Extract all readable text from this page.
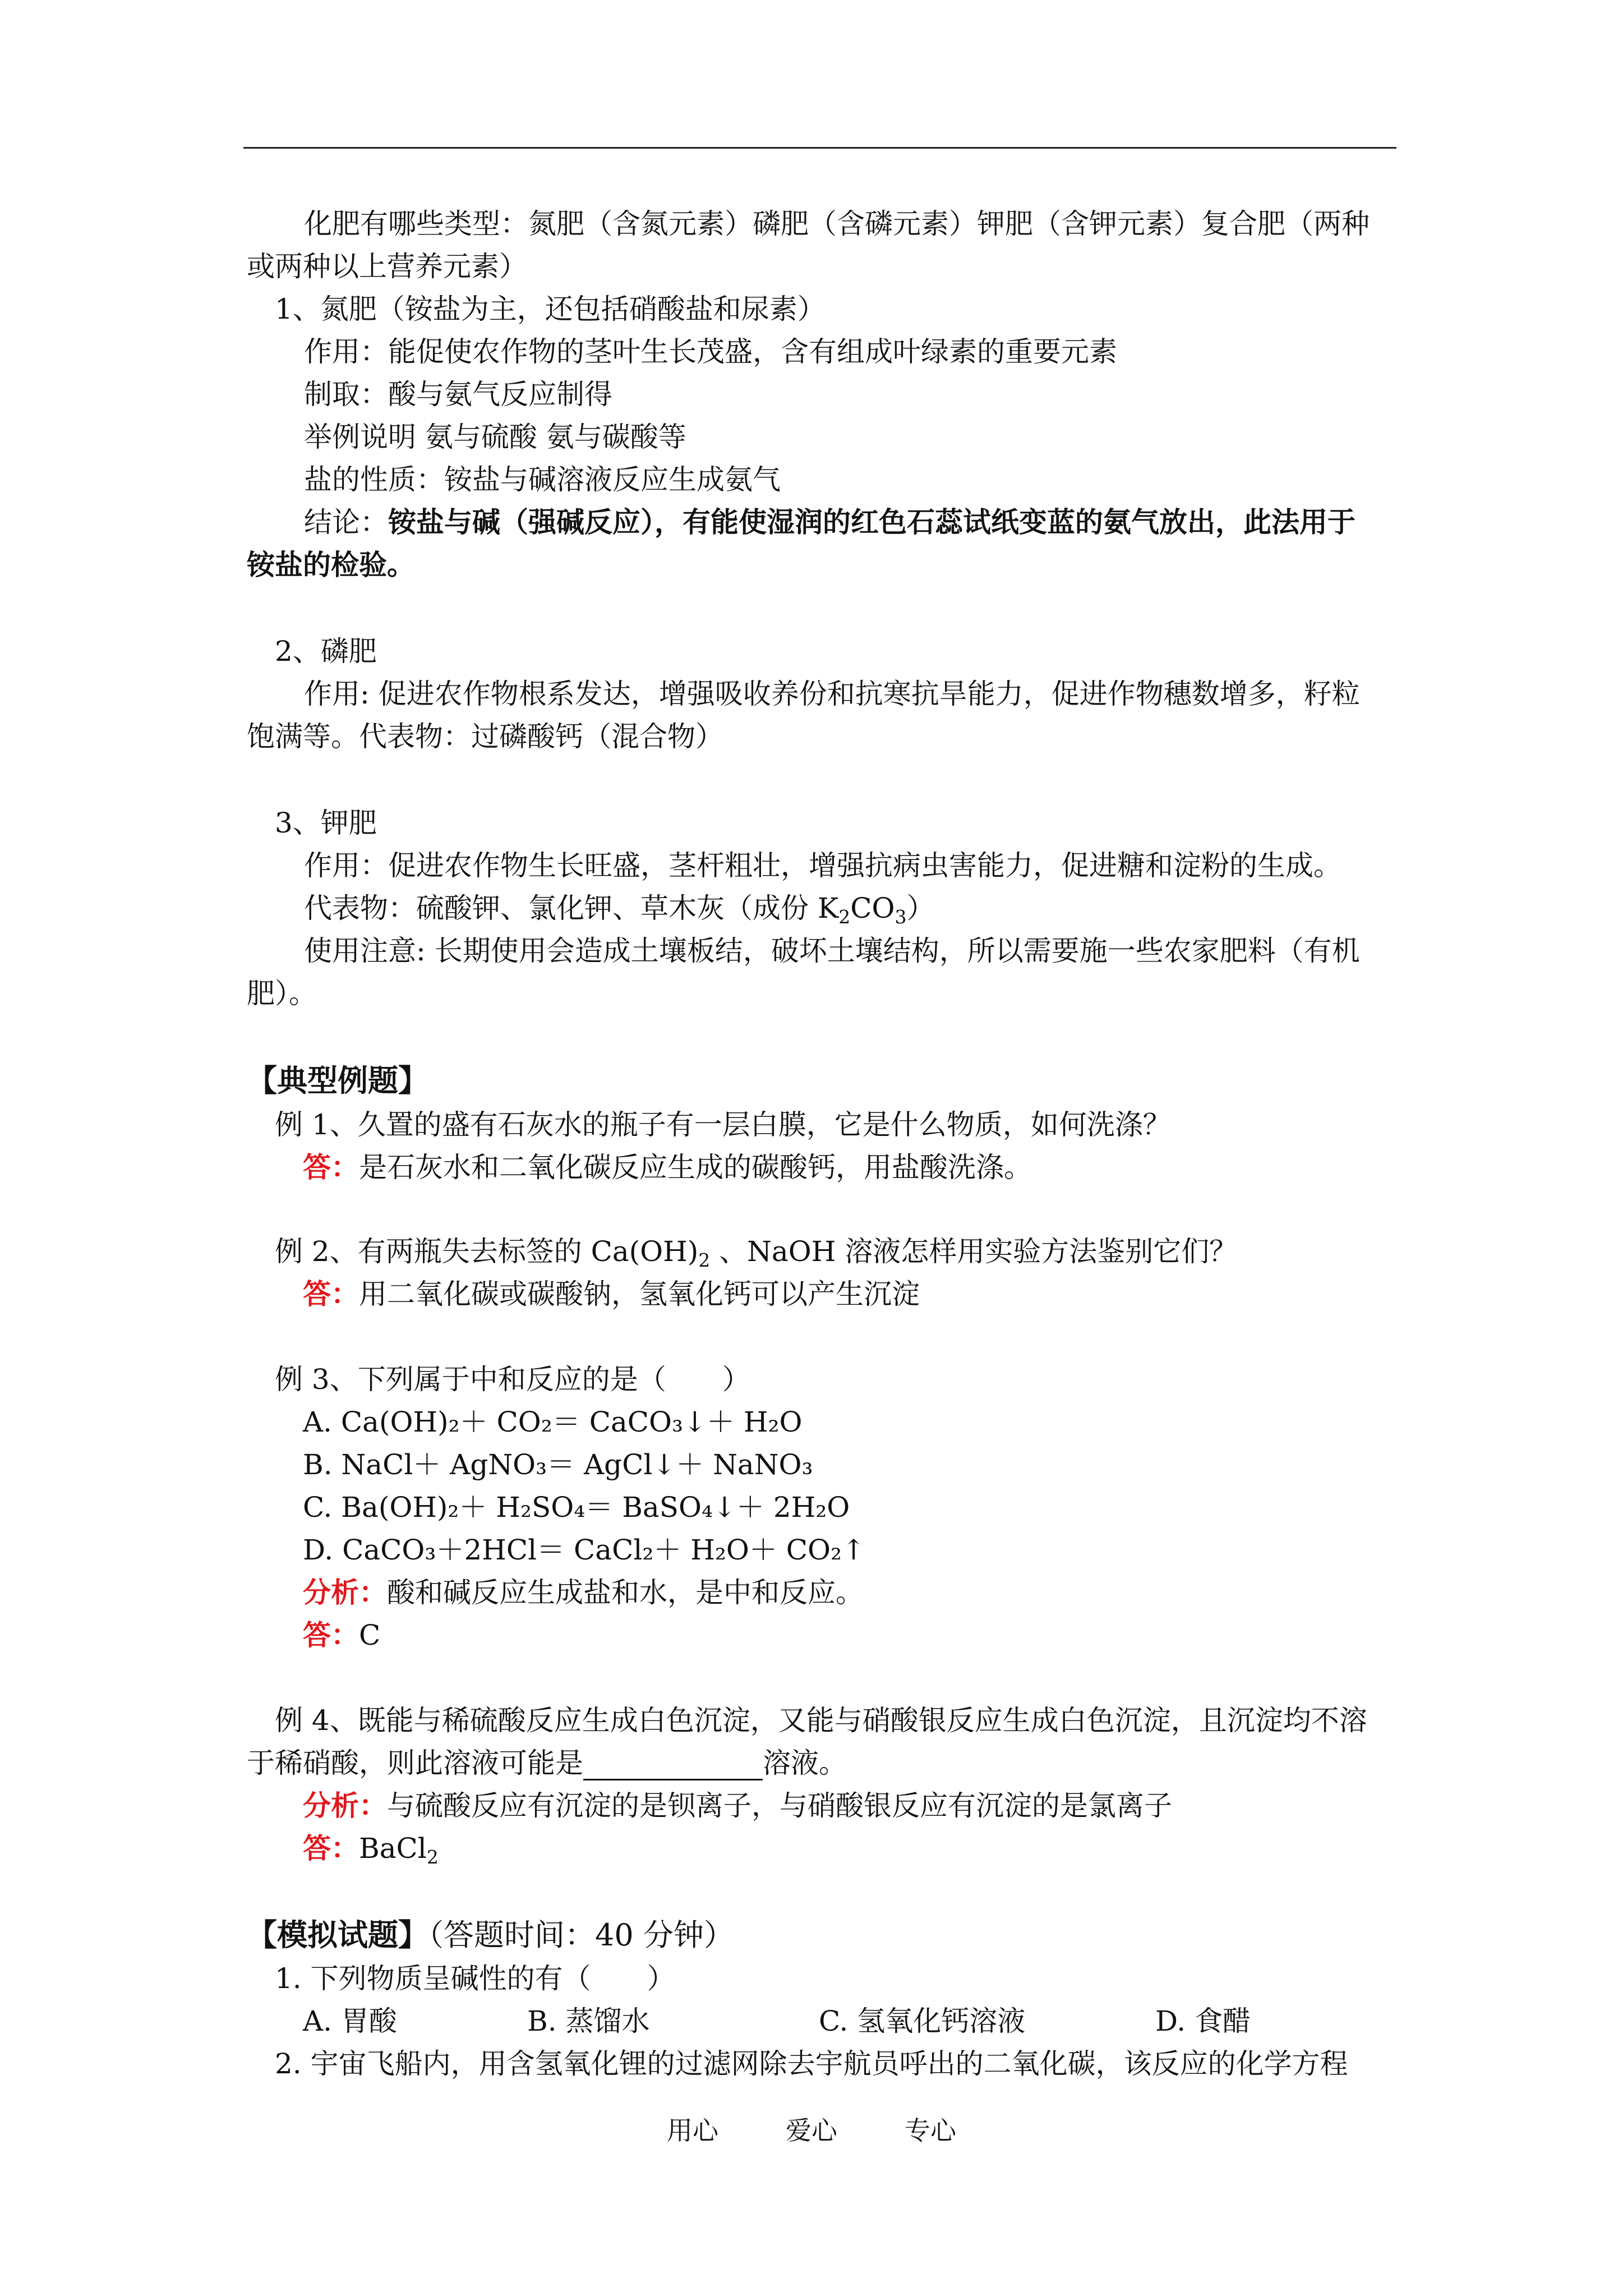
化肥有哪些类型：氮肥（含氮元素）磷肥（含磷元素）钾肥（含钾元素）复合肥（两种
或两种以上营养元素）
1、氮肥（铵盐为主，还包括硝酸盐和尿素）
作用：能促使农作物的茎叶生长茂盛，含有组成叶绿素的重要元素
制取：酸与氨气反应制得
举例说明 氨与硫酸 氨与碳酸等
盐的性质：铵盐与碱溶液反应生成氨气
结论：铵盐与碱（强碱反应），有能使湿润的红色石蕊试纸变蓝的氨气放出，此法用于
铵盐的检验。
2、磷肥
作用: 促进农作物根系发达，增强吸收养份和抗寒抗旱能力，促进作物穗数增多，籽粒
饱满等。代表物：过磷酸钙（混合物）
3、钾肥
作用：促进农作物生长旺盛，茎杆粗壮，增强抗病虫害能力，促进糖和淀粉的生成。
代表物：硫酸钾、氯化钾、草木灰（成份 $K_2CO_3$）
使用注意: 长期使用会造成土壤板结，破坏土壤结构，所以需要施一些农家肥料（有机
肥）。
【典型例题】
例 1、久置的盛有石灰水的瓶子有一层白膜，它是什么物质，如何洗涤？
答：是石灰水和二氧化碳反应生成的碳酸钙，用盐酸洗涤。
例 2、有两瓶失去标签的 $Ca(OH)_2$ 、NaOH 溶液怎样用实验方法鉴别它们？
答：用二氧化碳或碳酸钠，氢氧化钙可以产生沉淀
例 3、下列属于中和反应的是（　　）
A. Ca(OH)₂＋ CO₂＝ CaCO₃↓＋ H₂O
B. NaCl＋ AgNO₃＝ AgCl↓＋ NaNO₃
C. Ba(OH)₂＋ H₂SO₄＝ BaSO₄↓＋ 2H₂O
D. CaCO₃＋2HCl＝ CaCl₂＋ H₂O＋ CO₂↑
分析：酸和碱反应生成盐和水，是中和反应。
答：C
例 4、既能与稀硫酸反应生成白色沉淀，又能与硝酸银反应生成白色沉淀，且沉淀均不溶
于稀硝酸，则此溶液可能是	溶液。
分析：与硫酸反应有沉淀的是钡离子，与硝酸银反应有沉淀的是氯离子
答：BaCl$_2$
【模拟试题】（答题时间：40 分钟）
1. 下列物质呈碱性的有（　　）
A. 胃酸	B. 蒸馏水	C. 氢氧化钙溶液	D. 食醋
2. 宇宙飞船内，用含氢氧化锂的过滤网除去宇航员呼出的二氧化碳，该反应的化学方程
用心	爱心	专心
